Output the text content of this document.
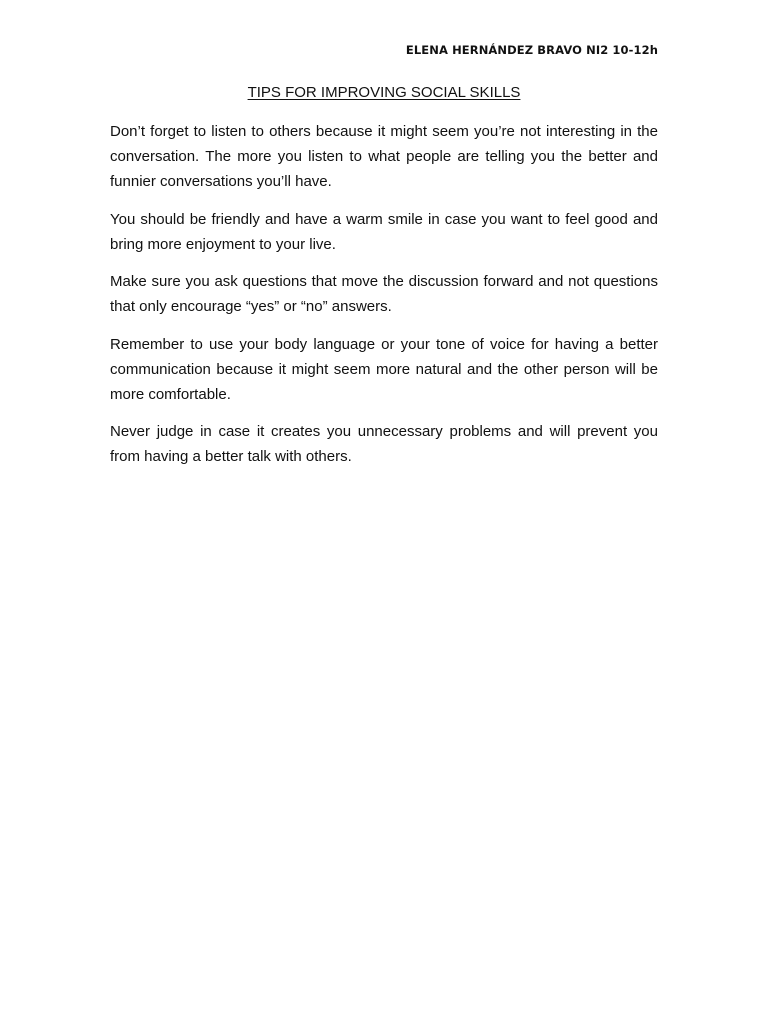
ELENA HERNÁNDEZ BRAVO NI2 10-12h
TIPS FOR IMPROVING SOCIAL SKILLS

Don’t forget to listen to others because it might seem you’re not interesting in the conversation. The more you listen to what people are telling you the better and funnier conversations you’ll have.

You should be friendly and have a warm smile in case you want to feel good and bring more enjoyment to your live.

Make sure you ask questions that move the discussion forward and not questions that only encourage “yes” or “no” answers.

Remember to use your body language or your tone of voice for having a better communication because it might seem more natural and the other person will be more comfortable.

Never judge in case it creates you unnecessary problems and will prevent you from having a better talk with others.
